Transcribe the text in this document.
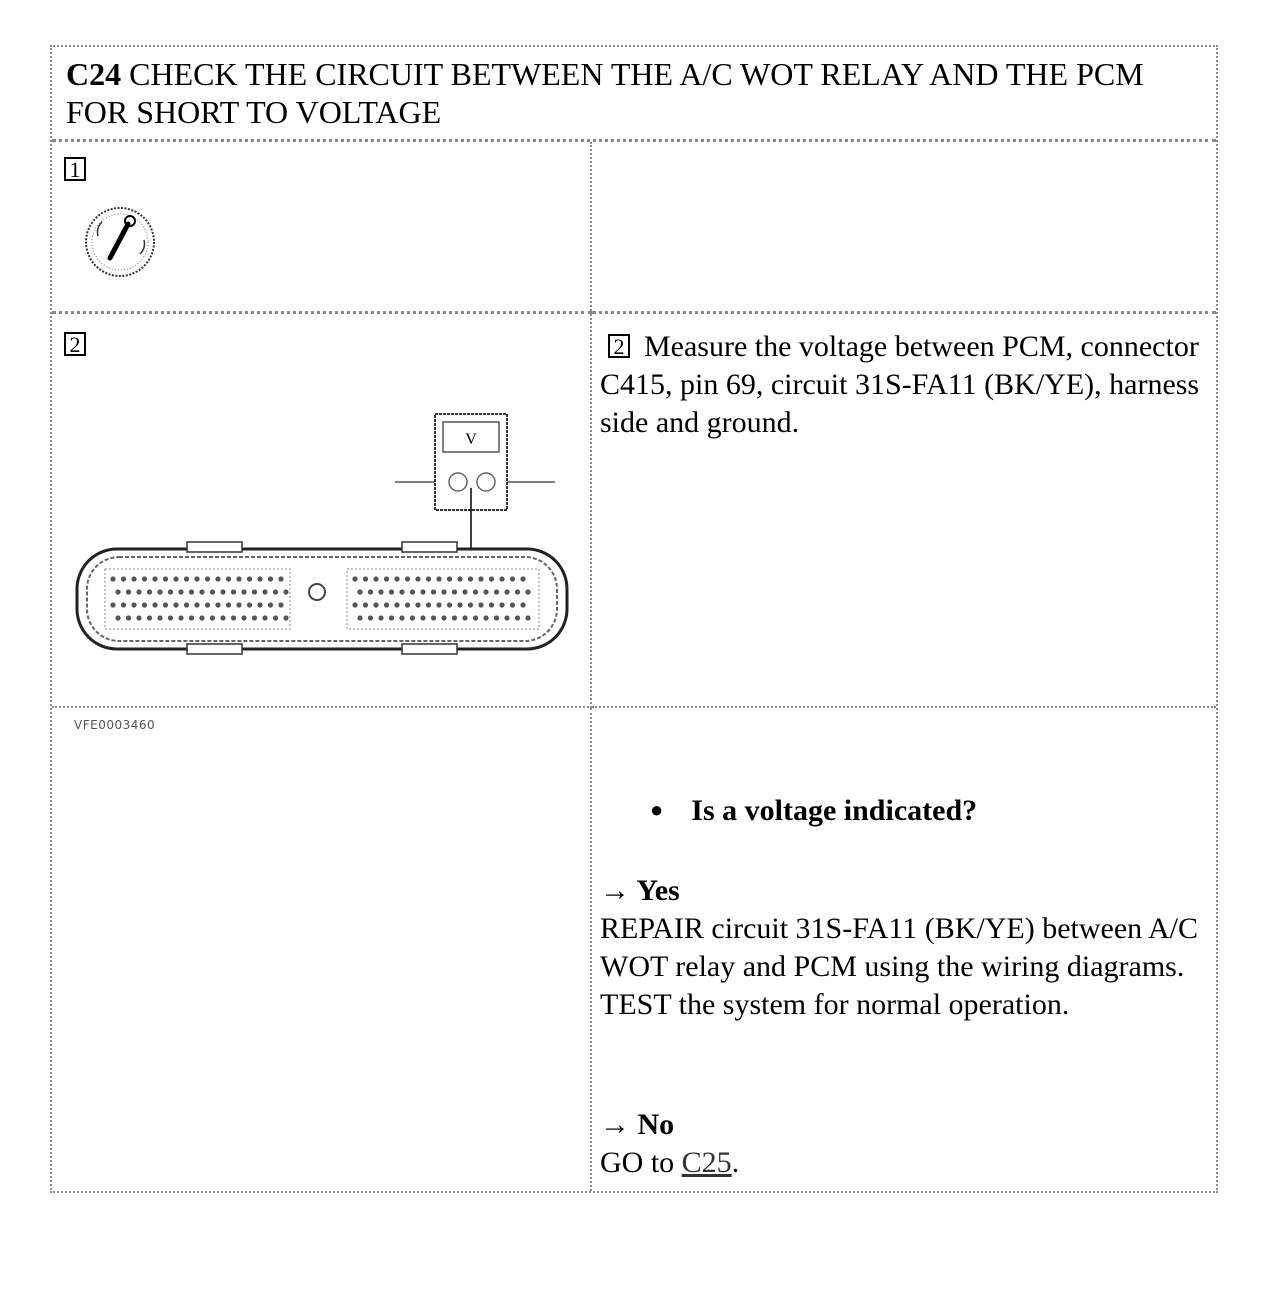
C24 CHECK THE CIRCUIT BETWEEN THE A/C WOT RELAY AND THE PCM FOR SHORT TO VOLTAGE
1
2
V
VFE0003460
2 Measure the voltage between PCM, connector C415, pin 69, circuit 31S-FA11 (BK/YE), harness side and ground.
● Is a voltage indicated?
→ Yes
REPAIR circuit 31S-FA11 (BK/YE) between A/C WOT relay and PCM using the wiring diagrams. TEST the system for normal operation.
→ No
GO to C25.
